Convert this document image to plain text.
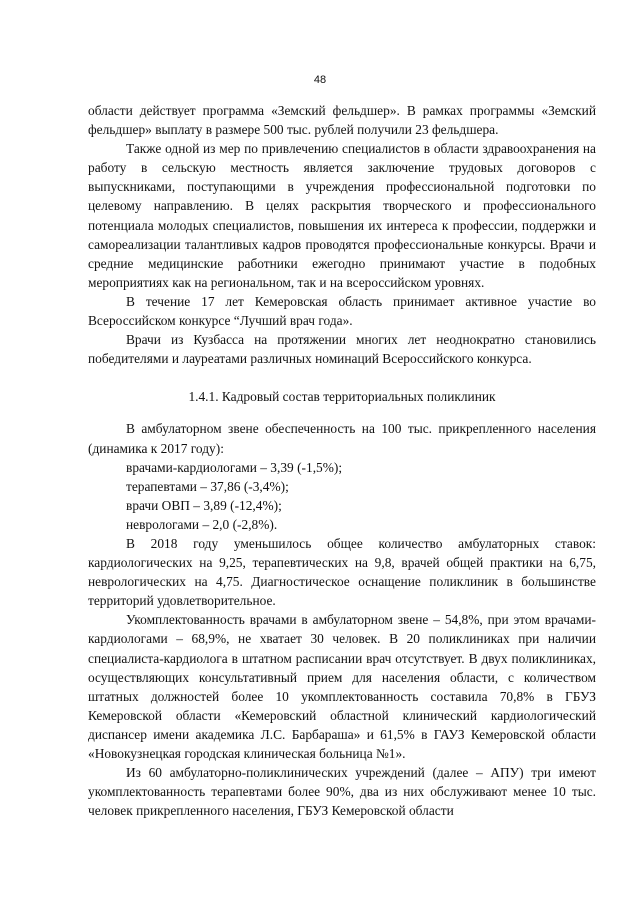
48

области действует программа «Земский фельдшер». В рамках программы «Земский фельдшер» выплату в размере 500 тыс. рублей получили 23 фельдшера.

Также одной из мер по привлечению специалистов в области здравоохранения на работу в сельскую местность является заключение трудовых договоров с выпускниками, поступающими в учреждения профессиональной подготовки по целевому направлению. В целях раскрытия творческого и профессионального потенциала молодых специалистов, повышения их интереса к профессии, поддержки и самореализации талантливых кадров проводятся профессиональные конкурсы. Врачи и средние медицинские работники ежегодно принимают участие в подобных мероприятиях как на региональном, так и на всероссийском уровнях.

В течение 17 лет Кемеровская область принимает активное участие во Всероссийском конкурсе “Лучший врач года».

Врачи из Кузбасса на протяжении многих лет неоднократно становились победителями и лауреатами различных номинаций Всероссийского конкурса.

1.4.1. Кадровый состав территориальных поликлиник

В амбулаторном звене обеспеченность на 100 тыс. прикрепленного населения (динамика к 2017 году):

врачами-кардиологами – 3,39 (-1,5%);
терапевтами – 37,86 (-3,4%);
врачи ОВП – 3,89 (-12,4%);
неврологами – 2,0 (-2,8%).

В 2018 году уменьшилось общее количество амбулаторных ставок: кардиологических на 9,25, терапевтических на 9,8, врачей общей практики на 6,75, неврологических на 4,75. Диагностическое оснащение поликлиник в большинстве территорий удовлетворительное.

Укомплектованность врачами в амбулаторном звене – 54,8%, при этом врачами-кардиологами – 68,9%, не хватает 30 человек. В 20 поликлиниках при наличии специалиста-кардиолога в штатном расписании врач отсутствует. В двух поликлиниках, осуществляющих консультативный прием для населения области, с количеством штатных должностей более 10 укомплектованность составила 70,8% в ГБУЗ Кемеровской области «Кемеровский областной клинический кардиологический диспансер имени академика Л.С. Барбараша» и 61,5% в ГАУЗ Кемеровской области «Новокузнецкая городская клиническая больница №1».

Из 60 амбулаторно-поликлинических учреждений (далее – АПУ) три имеют укомплектованность терапевтами более 90%, два из них обслуживают менее 10 тыс. человек прикрепленного населения, ГБУЗ Кемеровской области
